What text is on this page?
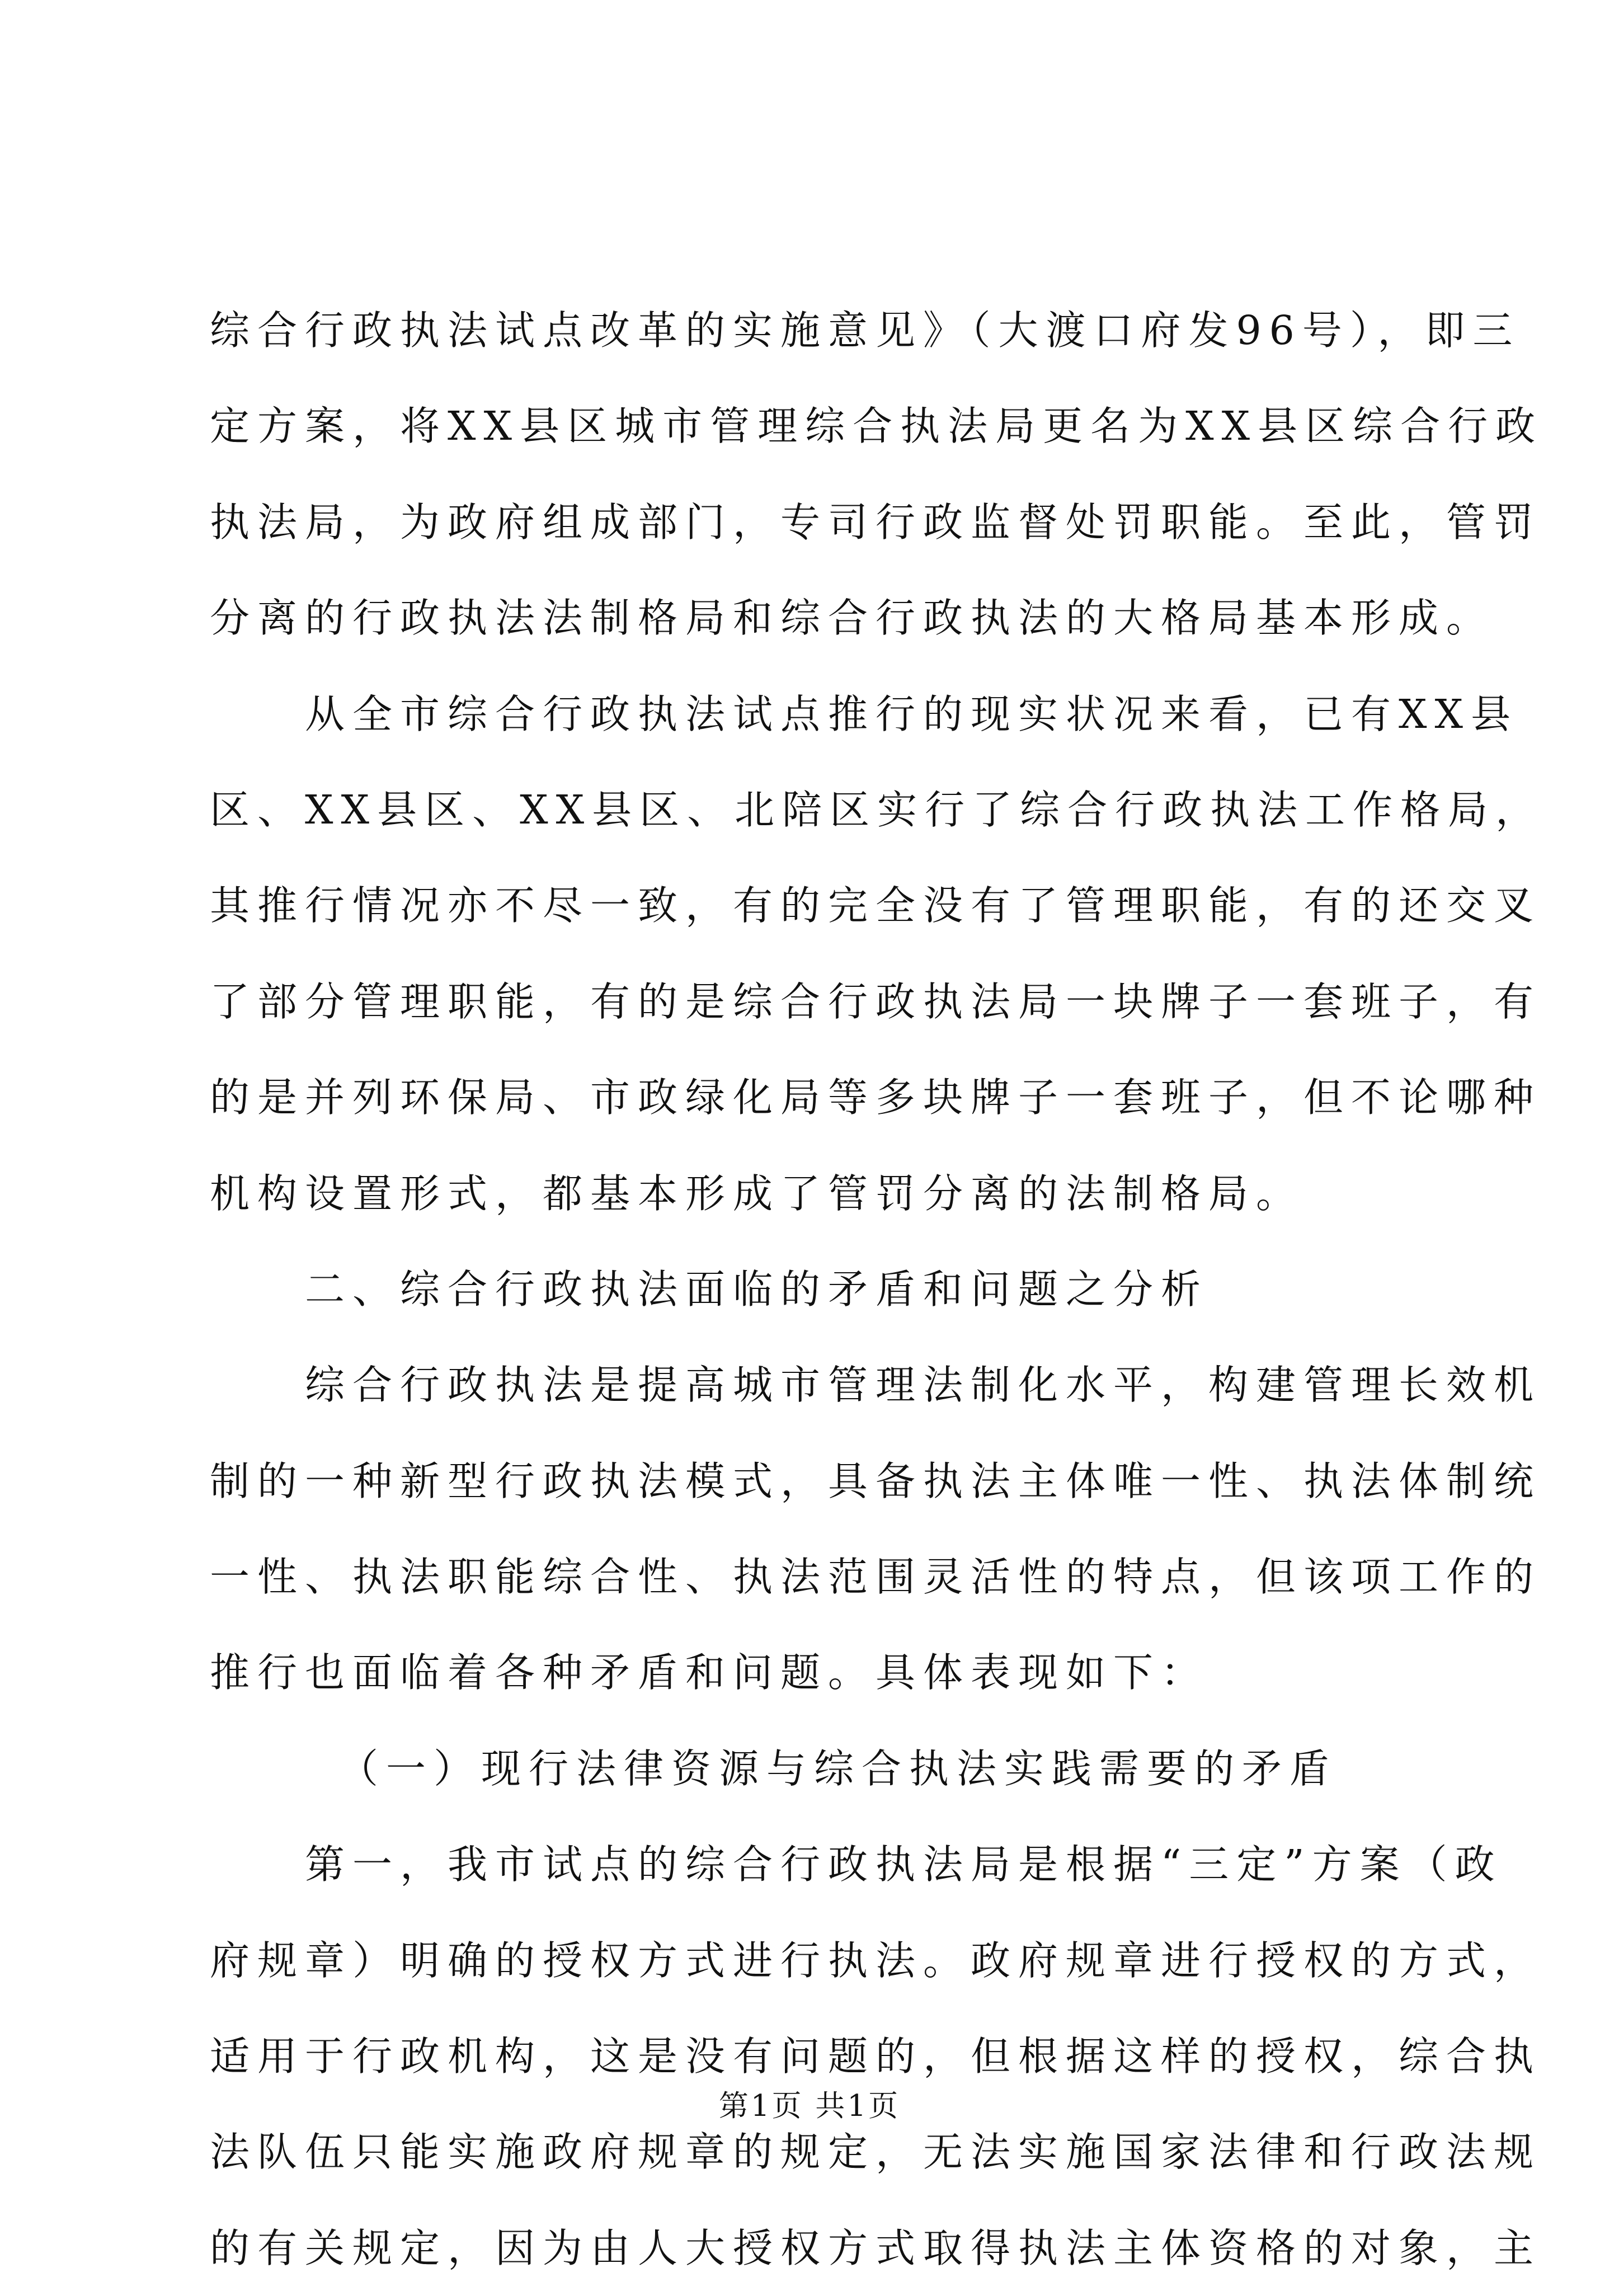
综合行政执法试点改革的实施意见》（大渡口府发96号），即三
定方案，将XX县区城市管理综合执法局更名为XX县区综合行政
执法局，为政府组成部门，专司行政监督处罚职能。至此，管罚
分离的行政执法法制格局和综合行政执法的大格局基本形成。
从全市综合行政执法试点推行的现实状况来看，已有XX县
区、XX县区、XX县区、北陪区实行了综合行政执法工作格局，
其推行情况亦不尽一致，有的完全没有了管理职能，有的还交叉
了部分管理职能，有的是综合行政执法局一块牌子一套班子，有
的是并列环保局、市政绿化局等多块牌子一套班子，但不论哪种
机构设置形式，都基本形成了管罚分离的法制格局。
二、综合行政执法面临的矛盾和问题之分析
综合行政执法是提高城市管理法制化水平，构建管理长效机
制的一种新型行政执法模式，具备执法主体唯一性、执法体制统
一性、执法职能综合性、执法范围灵活性的特点，但该项工作的
推行也面临着各种矛盾和问题。具体表现如下：
（一）现行法律资源与综合执法实践需要的矛盾
第一，我市试点的综合行政执法局是根据“三定”方案（政
府规章）明确的授权方式进行执法。政府规章进行授权的方式，
适用于行政机构，这是没有问题的，但根据这样的授权，综合执
法队伍只能实施政府规章的规定，无法实施国家法律和行政法规
的有关规定，因为由人大授权方式取得执法主体资格的对象，主
第1页 共1页
